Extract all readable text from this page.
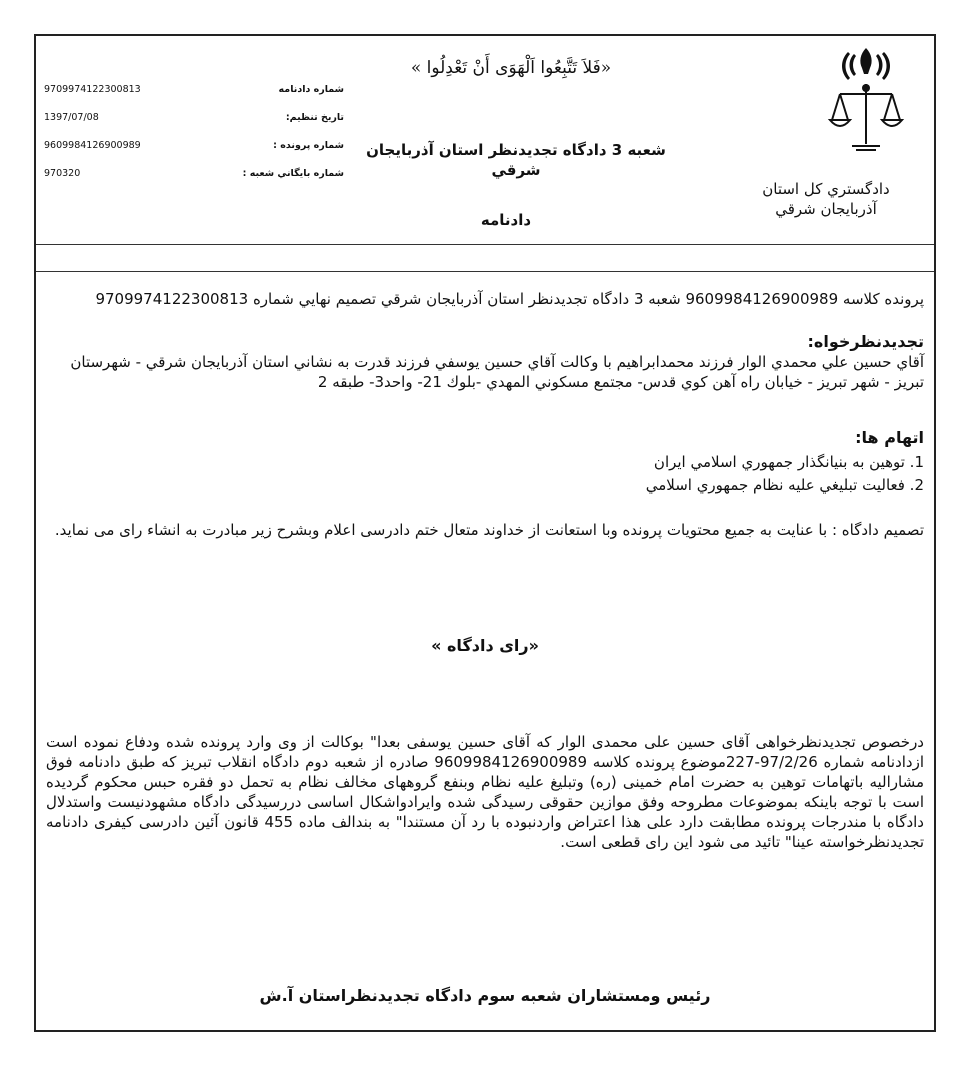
دادگستري كل استان
آذربايجان شرقي
«فَلاَ تَتَّبِعُوا اَلْهَوَى أَنْ تَعْدِلُوا »
شعبه 3 دادگاه تجديدنظر استان آذربايجان
شرقي
دادنامه
شماره دادنامه
9709974122300813
تاريخ تنظيم:
1397/07/08
شماره پرونده :
9609984126900989
شماره بايگاني شعبه :
970320
پرونده كلاسه 9609984126900989 شعبه 3 دادگاه تجديدنظر استان آذربايجان شرقي تصميم نهايي شماره 9709974122300813
تجديدنظرخواه:
آقاي حسين علي محمدي الوار فرزند محمدابراهيم با وكالت آقاي حسين يوسفي فرزند قدرت به نشاني استان آذربايجان شرقي - شهرستان تبريز - شهر تبريز - خيابان راه آهن كوي قدس- مجتمع مسكوني المهدي -بلوك 21- واحد3- طبقه 2
اتهام ها:
1. توهين به بنيانگذار جمهوري اسلامي ايران
2. فعاليت تبليغي عليه نظام جمهوري اسلامي
تصميم دادگاه : با عنايت به جميع محتويات پرونده وبا استعانت از خداوند متعال ختم دادرسى اعلام وبشرح زير مبادرت به انشاء راى مى نمايد.
«راى دادگاه »
درخصوص تجديدنظرخواهى آقاى حسين على محمدى الوار كه آقاى حسين يوسفى بعدا" بوكالت از وى وارد پرونده شده ودفاع نموده است ازدادنامه شماره 97/2/26-227موضوع پرونده كلاسه 9609984126900989 صادره از شعبه دوم دادگاه انقلاب تبريز كه طبق دادنامه فوق مشاراليه باتهامات توهين به حضرت امام خمينى (ره) وتبليغ عليه نظام وبنفع گروههاى مخالف نظام به تحمل دو فقره حبس محكوم گرديده است با توجه باينكه بموضوعات مطروحه وفق موازين حقوقى رسيدگى شده وايرادواشكال اساسى دررسيدگى دادگاه مشهودنيست واستدلال دادگاه با مندرجات پرونده مطابقت دارد على هذا اعتراض واردنبوده با رد آن مستندا" به بندالف ماده 455 قانون آئين دادرسى كيفرى دادنامه تجديدنظرخواسته عينا" تائيد مى شود اين راى قطعى است.
رئيس ومستشاران شعبه سوم دادگاه تجديدنظراستان آ.ش
